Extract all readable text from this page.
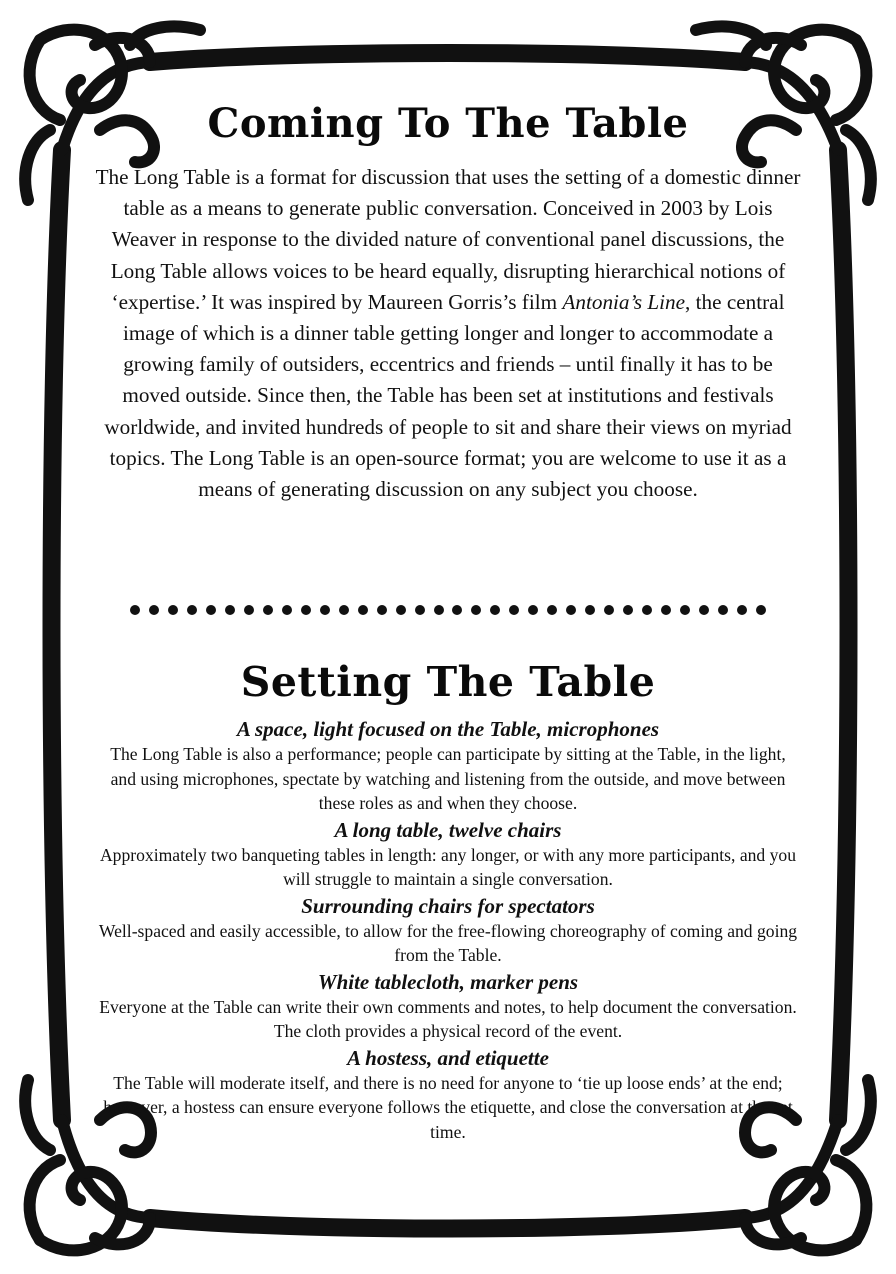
Coming To The Table

The Long Table is a format for discussion that uses the setting of a domestic dinner table as a means to generate public conversation. Conceived in 2003 by Lois Weaver in response to the divided nature of conventional panel discussions, the Long Table allows voices to be heard equally, disrupting hierarchical notions of ‘expertise.’ It was inspired by Maureen Gorris’s film Antonia’s Line, the central image of which is a dinner table getting longer and longer to accommodate a growing family of outsiders, eccentrics and friends – until finally it has to be moved outside. Since then, the Table has been set at institutions and festivals worldwide, and invited hundreds of people to sit and share their views on myriad topics. The Long Table is an open-source format; you are welcome to use it as a means of generating discussion on any subject you choose.

Setting The Table

A space, light focused on the Table, microphones

The Long Table is also a performance; people can participate by sitting at the Table, in the light, and using microphones, spectate by watching and listening from the outside, and move between these roles as and when they choose.

A long table, twelve chairs

Approximately two banqueting tables in length: any longer, or with any more participants, and you will struggle to maintain a single conversation.

Surrounding chairs for spectators

Well-spaced and easily accessible, to allow for the free-flowing choreography of coming and going from the Table.

White tablecloth, marker pens

Everyone at the Table can write their own comments and notes, to help document the conversation. The cloth provides a physical record of the event.

A hostess, and etiquette

The Table will moderate itself, and there is no need for anyone to ‘tie up loose ends’ at the end; however, a hostess can ensure everyone follows the etiquette, and close the conversation at the set time.
